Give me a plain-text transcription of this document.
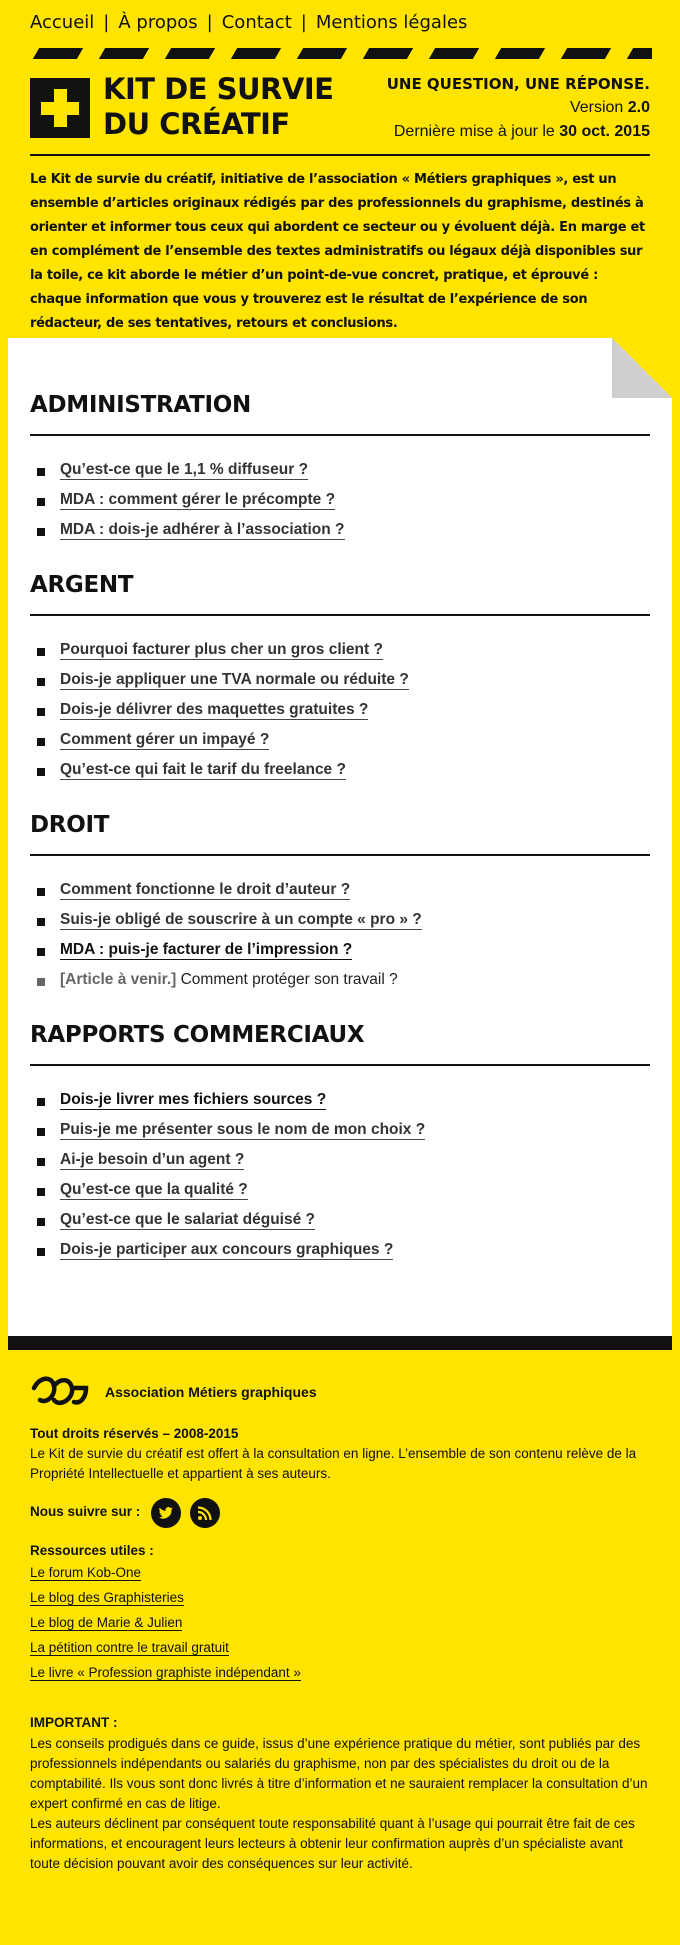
Accueil | À propos | Contact | Mentions légales
KIT DE SURVIE
DU CRÉATIF
UNE QUESTION, UNE RÉPONSE.
Version 2.0
Dernière mise à jour le 30 oct. 2015

Le Kit de survie du créatif, initiative de l’association « Métiers graphiques », est un ensemble d’articles originaux rédigés par des professionnels du graphisme, destinés à orienter et informer tous ceux qui abordent ce secteur ou y évoluent déjà. En marge et en complément de l’ensemble des textes administratifs ou légaux déjà disponibles sur la toile, ce kit aborde le métier d’un point-de-vue concret, pratique, et éprouvé : chaque information que vous y trouverez est le résultat de l’expérience de son rédacteur, de ses tentatives, retours et conclusions.

ADMINISTRATION
Qu’est-ce que le 1,1 % diffuseur ?
MDA : comment gérer le précompte ?
MDA : dois-je adhérer à l’association ?
ARGENT
Pourquoi facturer plus cher un gros client ?
Dois-je appliquer une TVA normale ou réduite ?
Dois-je délivrer des maquettes gratuites ?
Comment gérer un impayé ?
Qu’est-ce qui fait le tarif du freelance ?
DROIT
Comment fonctionne le droit d’auteur ?
Suis-je obligé de souscrire à un compte « pro » ?
MDA : puis-je facturer de l’impression ?
[Article à venir.] Comment protéger son travail ?
RAPPORTS COMMERCIAUX
Dois-je livrer mes fichiers sources ?
Puis-je me présenter sous le nom de mon choix ?
Ai-je besoin d’un agent ?
Qu’est-ce que la qualité ?
Qu’est-ce que le salariat déguisé ?
Dois-je participer aux concours graphiques ?
Association Métiers graphiques
Tout droits réservés – 2008-2015
Le Kit de survie du créatif est offert à la consultation en ligne. L’ensemble de son contenu relève de la Propriété Intellectuelle et appartient à ses auteurs.
Nous suivre sur :
Ressources utiles :
Le forum Kob-One
Le blog des Graphisteries
Le blog de Marie & Julien
La pétition contre le travail gratuit
Le livre « Profession graphiste indépendant »
IMPORTANT :
Les conseils prodigués dans ce guide, issus d’une expérience pratique du métier, sont publiés par des professionnels indépendants ou salariés du graphisme, non par des spécialistes du droit ou de la comptabilité. Ils vous sont donc livrés à titre d’information et ne sauraient remplacer la consultation d’un expert confirmé en cas de litige.
Les auteurs déclinent par conséquent toute responsabilité quant à l’usage qui pourrait être fait de ces informations, et encouragent leurs lecteurs à obtenir leur confirmation auprès d’un spécialiste avant toute décision pouvant avoir des conséquences sur leur activité.
